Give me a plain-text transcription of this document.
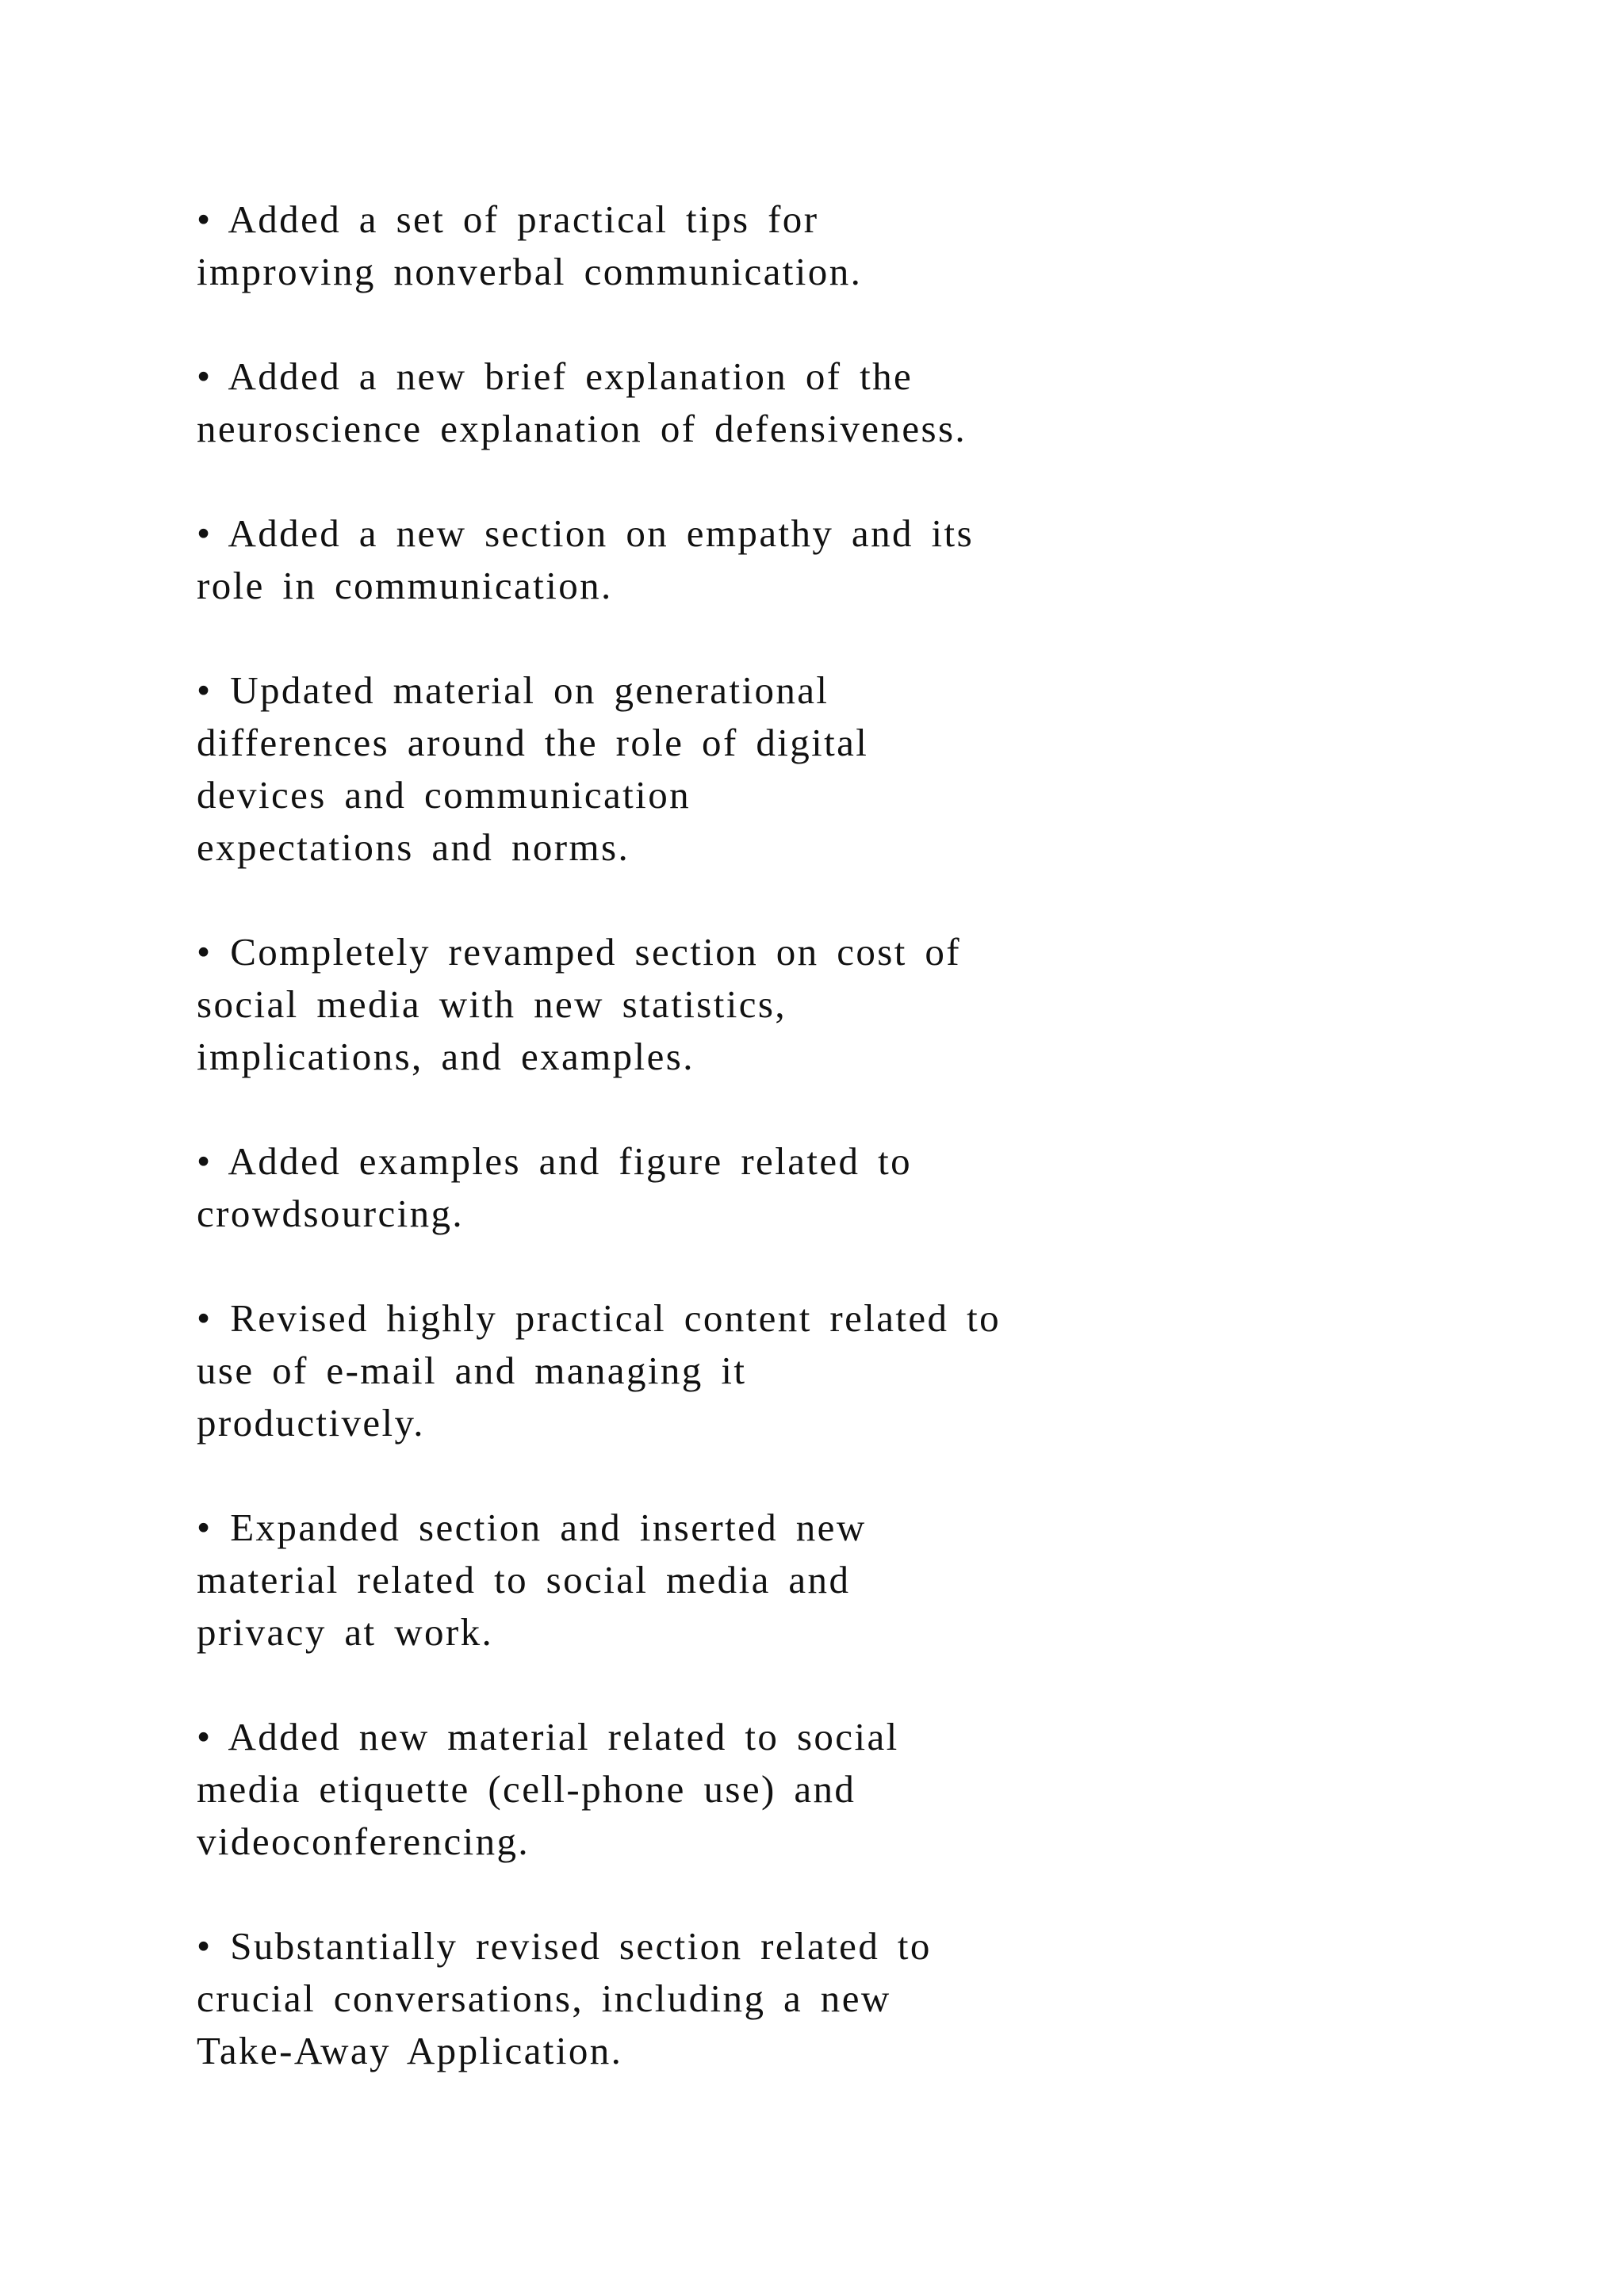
• Added a set of practical tips for
improving nonverbal communication.
• Added a new brief explanation of the
neuroscience explanation of defensiveness.
• Added a new section on empathy and its
role in communication.
• Updated material on generational
differences around the role of digital
devices and communication
expectations and norms.
• Completely revamped section on cost of
social media with new statistics,
implications, and examples.
• Added examples and figure related to
crowdsourcing.
• Revised highly practical content related to
use of e-mail and managing it
productively.
• Expanded section and inserted new
material related to social media and
privacy at work.
• Added new material related to social
media etiquette (cell-phone use) and
videoconferencing.
• Substantially revised section related to
crucial conversations, including a new
Take-Away Application.
